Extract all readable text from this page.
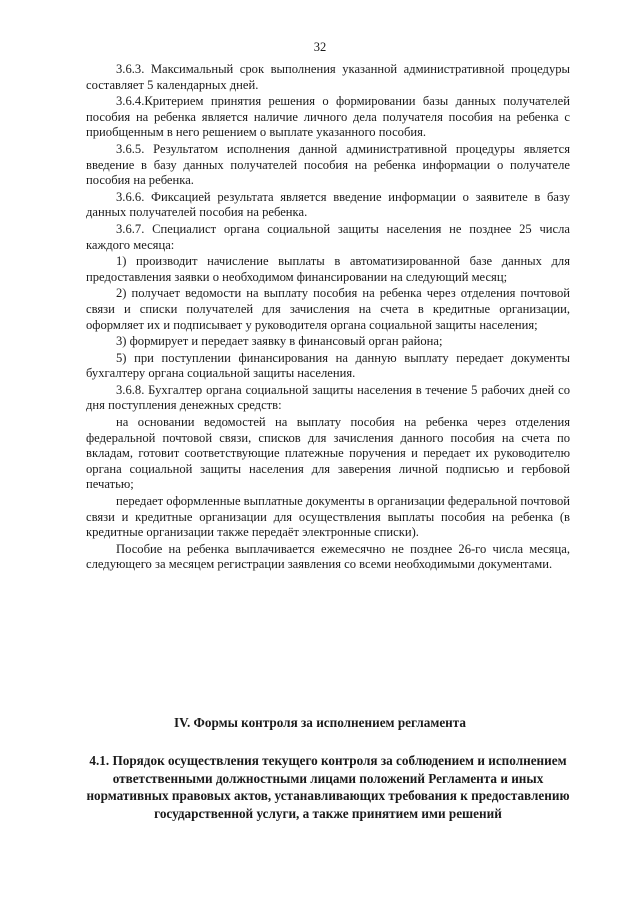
32

3.6.3. Максимальный срок выполнения указанной административной процедуры составляет 5 календарных дней.

3.6.4.Критерием принятия решения о формировании базы данных получателей пособия на ребенка является наличие личного дела получателя пособия на ребенка с приобщенным в него решением о выплате указанного пособия.

3.6.5. Результатом исполнения данной административной процедуры является введение в базу данных получателей пособия на ребенка информации о получателе пособия на ребенка.

3.6.6. Фиксацией результата является введение информации о заявителе в базу данных получателей пособия на ребенка.

3.6.7. Специалист органа социальной защиты населения не позднее 25 числа каждого месяца:

1) производит начисление выплаты в автоматизированной базе данных для предоставления заявки о необходимом финансировании на следующий месяц;

2) получает ведомости на выплату пособия на ребенка через отделения почтовой связи и списки получателей для зачисления на счета в кредитные организации, оформляет их и подписывает у руководителя органа социальной защиты населения;

3) формирует и передает заявку в финансовый орган района;

5) при поступлении финансирования на данную выплату передает документы бухгалтеру органа социальной защиты населения.

3.6.8. Бухгалтер органа социальной защиты населения в течение 5 рабочих дней со дня поступления денежных средств:

на основании ведомостей на выплату пособия на ребенка через отделения федеральной почтовой связи, списков для зачисления данного пособия на счета по вкладам, готовит соответствующие платежные поручения и передает их руководителю органа социальной защиты населения для заверения личной подписью и гербовой печатью;

передает оформленные выплатные документы в организации федеральной почтовой связи и кредитные организации для осуществления выплаты пособия на ребенка (в кредитные организации также передаёт электронные списки).

Пособие на ребенка выплачивается ежемесячно не позднее 26-го числа месяца, следующего за месяцем регистрации заявления со всеми необходимыми документами.

IV. Формы контроля за исполнением регламента
4.1. Порядок осуществления текущего контроля за соблюдением и исполнением ответственными должностными лицами положений Регламента и иных нормативных правовых актов, устанавливающих требования к предоставлению государственной услуги, а также принятием ими решений
